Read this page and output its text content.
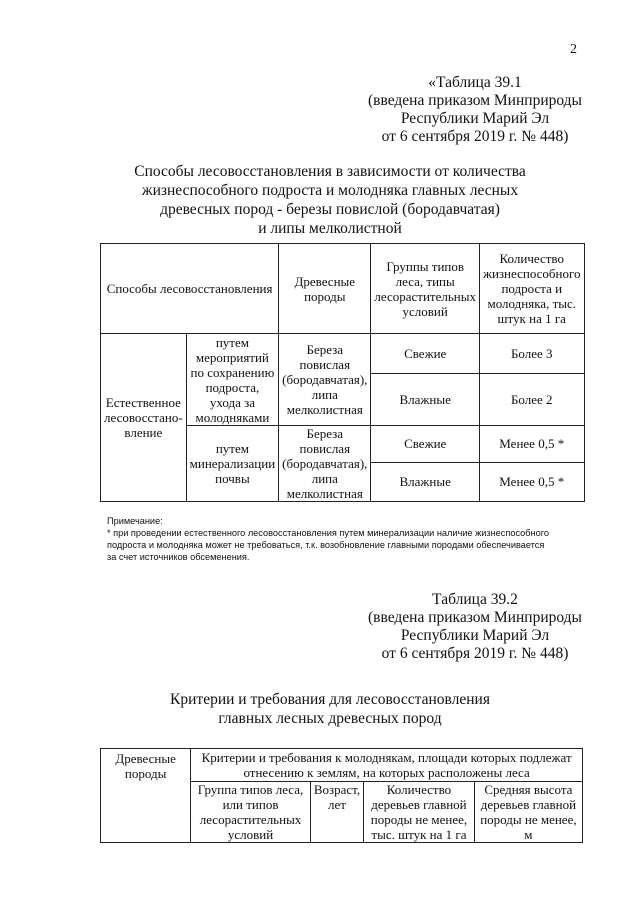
2
«Таблица 39.1
(введена приказом Минприроды
Республики Марий Эл
от 6 сентября 2019 г. № 448)
Способы лесовосстановления в зависимости от количества
жизнеспособного подроста и молодняка главных лесных
древесных пород - березы повислой (бородавчатая)
и липы мелколистной
Способы лесовосстановления		Древесные породы	Группы типов леса, типы лесорастительных условий	Количество жизнеспособного подроста и молодняка, тыс. штук на 1 га
Естественное лесовосстано-вление	путем мероприятий по сохранению подроста, ухода за молодняками	Береза повислая (бородавчатая), липа мелколистная	Свежие	Более 3
			Влажные	Более 2
	путем минерализации почвы	Береза повислая (бородавчатая), липа мелколистная	Свежие	Менее 0,5 *
			Влажные	Менее 0,5 *
Примечание:
* при проведении естественного лесовосстановления путем минерализации наличие жизнеспособного
подроста и молодняка может не требоваться, т.к. возобновление главными породами обеспечивается
за счет источников обсеменения.
Таблица 39.2
(введена приказом Минприроды
Республики Марий Эл
от 6 сентября 2019 г. № 448)
Критерии и требования для лесовосстановления
главных лесных древесных пород
Древесные породы	Критерии и требования к молоднякам, площади которых подлежат отнесению к землям, на которых расположены леса			
	Группа типов леса, или типов лесорастительных условий	Возраст, лет	Количество деревьев главной породы не менее, тыс. штук на 1 га	Средняя высота деревьев главной породы не менее, м
